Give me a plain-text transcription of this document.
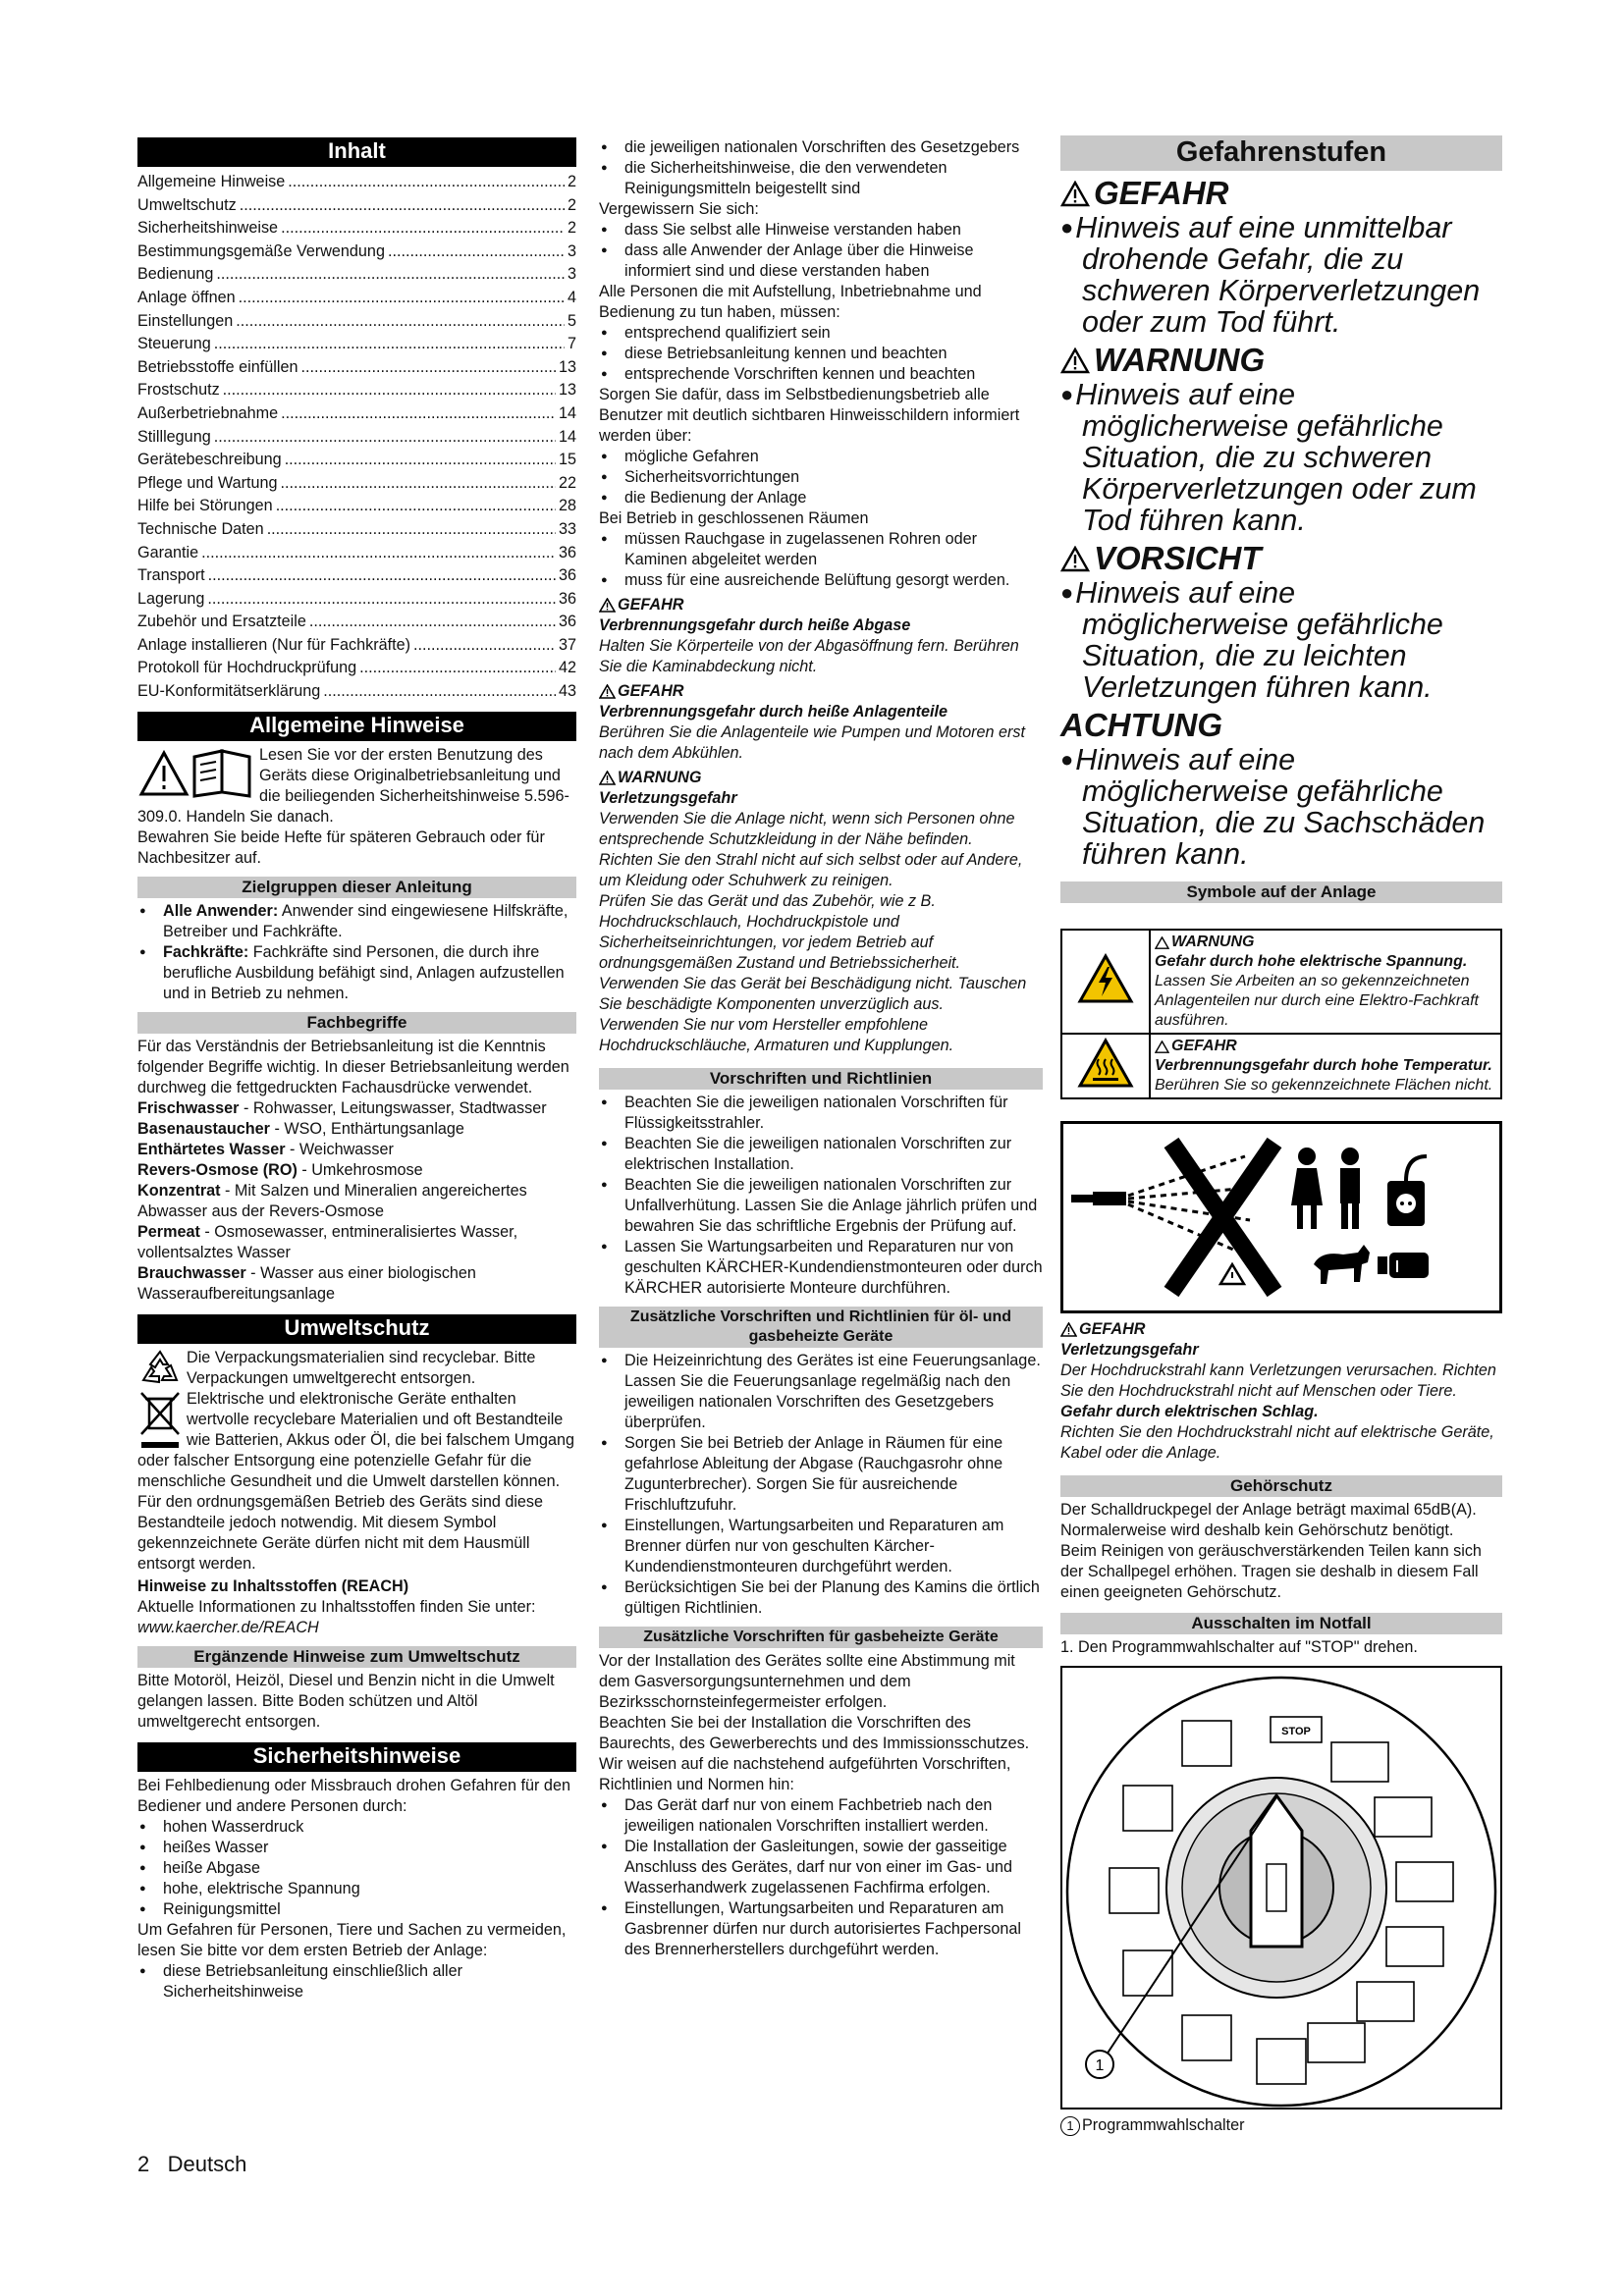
Inhalt
Allgemeine Hinweise .....	2
Umweltschutz .....	2
Sicherheitshinweise .....	2
Bestimmungsgemäße Verwendung .....	3
Bedienung .....	3
Anlage öffnen .....	4
Einstellungen .....	5
Steuerung .....	7
Betriebsstoffe einfüllen .....	13
Frostschutz .....	13
Außerbetriebnahme .....	14
Stilllegung .....	14
Gerätebeschreibung .....	15
Pflege und Wartung .....	22
Hilfe bei Störungen .....	28
Technische Daten .....	33
Garantie .....	36
Transport .....	36
Lagerung .....	36
Zubehör und Ersatzteile .....	36
Anlage installieren (Nur für Fachkräfte) .....	37
Protokoll für Hochdruckprüfung .....	42
EU-Konformitätserklärung .....	43
Allgemeine Hinweise

Lesen Sie vor der ersten Benutzung des Geräts diese Originalbetriebsanleitung und die beiliegenden Sicherheitshinweise 5.596-309.0. Handeln Sie danach.

Bewahren Sie beide Hefte für späteren Gebrauch oder für Nachbesitzer auf.

Zielgruppen dieser Anleitung
● Alle Anwender: Anwender sind eingewiesene Hilfskräfte, Betreiber und Fachkräfte.
● Fachkräfte: Fachkräfte sind Personen, die durch ihre berufliche Ausbildung befähigt sind, Anlagen aufzustellen und in Betrieb zu nehmen.
Fachbegriffe

Für das Verständnis der Betriebsanleitung ist die Kenntnis folgender Begriffe wichtig. In dieser Betriebsanleitung werden durchweg die fettgedruckten Fachausdrücke verwendet.

Frischwasser - Rohwasser, Leitungswasser, Stadtwasser

Basenaustaucher - WSO, Enthärtungsanlage

Enthärtetes Wasser - Weichwasser

Revers-Osmose (RO) - Umkehrosmose

Konzentrat - Mit Salzen und Mineralien angereichertes Abwasser aus der Revers-Osmose

Permeat - Osmosewasser, entmineralisiertes Wasser, vollentsalztes Wasser

Brauchwasser - Wasser aus einer biologischen Wasseraufbereitungsanlage

Umweltschutz

Die Verpackungsmaterialien sind recyclebar. Bitte Verpackungen umweltgerecht entsorgen.

Elektrische und elektronische Geräte enthalten wertvolle recyclebare Materialien und oft Bestandteile wie Batterien, Akkus oder Öl, die bei falschem Umgang oder falscher Entsorgung eine potenzielle Gefahr für die menschliche Gesundheit und die Umwelt darstellen können. Für den ordnungsgemäßen Betrieb des Geräts sind diese Bestandteile jedoch notwendig. Mit diesem Symbol gekennzeichnete Geräte dürfen nicht mit dem Hausmüll entsorgt werden.

Hinweise zu Inhaltsstoffen (REACH)

Aktuelle Informationen zu Inhaltsstoffen finden Sie unter: www.kaercher.de/REACH

Ergänzende Hinweise zum Umweltschutz

Bitte Motoröl, Heizöl, Diesel und Benzin nicht in die Umwelt gelangen lassen. Bitte Boden schützen und Altöl umweltgerecht entsorgen.

Sicherheitshinweise

Bei Fehlbedienung oder Missbrauch drohen Gefahren für den Bediener und andere Personen durch:

● hohen Wasserdruck
● heißes Wasser
● heiße Abgase
● hohe, elektrische Spannung
● Reinigungsmittel

Um Gefahren für Personen, Tiere und Sachen zu vermeiden, lesen Sie bitte vor dem ersten Betrieb der Anlage:

● diese Betriebsanleitung einschließlich aller Sicherheitshinweise
● die jeweiligen nationalen Vorschriften des Gesetzgebers
● die Sicherheitshinweise, die den verwendeten Reinigungsmitteln beigestellt sind

Vergewissern Sie sich:

● dass Sie selbst alle Hinweise verstanden haben
● dass alle Anwender der Anlage über die Hinweise informiert sind und diese verstanden haben

Alle Personen die mit Aufstellung, Inbetriebnahme und Bedienung zu tun haben, müssen:

● entsprechend qualifiziert sein
● diese Betriebsanleitung kennen und beachten
● entsprechende Vorschriften kennen und beachten

Sorgen Sie dafür, dass im Selbstbedienungsbetrieb alle Benutzer mit deutlich sichtbaren Hinweisschildern informiert werden über:

● mögliche Gefahren
● Sicherheitsvorrichtungen
● die Bedienung der Anlage

Bei Betrieb in geschlossenen Räumen

● müssen Rauchgase in zugelassenen Rohren oder Kaminen abgeleitet werden
● muss für eine ausreichende Belüftung gesorgt werden.
GEFAHR

Verbrennungsgefahr durch heiße Abgase

Halten Sie Körperteile von der Abgasöffnung fern. Berühren Sie die Kaminabdeckung nicht.

GEFAHR

Verbrennungsgefahr durch heiße Anlagenteile

Berühren Sie die Anlagenteile wie Pumpen und Motoren erst nach dem Abkühlen.

WARNUNG

Verletzungsgefahr

Verwenden Sie die Anlage nicht, wenn sich Personen ohne entsprechende Schutzkleidung in der Nähe befinden.

Richten Sie den Strahl nicht auf sich selbst oder auf Andere, um Kleidung oder Schuhwerk zu reinigen.

Prüfen Sie das Gerät und das Zubehör, wie z B. Hochdruckschlauch, Hochdruckpistole und Sicherheitseinrichtungen, vor jedem Betrieb auf ordnungsgemäßen Zustand und Betriebssicherheit. Verwenden Sie das Gerät bei Beschädigung nicht. Tauschen Sie beschädigte Komponenten unverzüglich aus.

Verwenden Sie nur vom Hersteller empfohlene Hochdruckschläuche, Armaturen und Kupplungen.

Vorschriften und Richtlinien
● Beachten Sie die jeweiligen nationalen Vorschriften für Flüssigkeitsstrahler.
● Beachten Sie die jeweiligen nationalen Vorschriften zur elektrischen Installation.
● Beachten Sie die jeweiligen nationalen Vorschriften zur Unfallverhütung. Lassen Sie die Anlage jährlich prüfen und bewahren Sie das schriftliche Ergebnis der Prüfung auf.
● Lassen Sie Wartungsarbeiten und Reparaturen nur von geschulten KÄRCHER-Kundendienstmonteuren oder durch KÄRCHER autorisierte Monteure durchführen.
Zusätzliche Vorschriften und Richtlinien für öl- und gasbeheizte Geräte
● Die Heizeinrichtung des Gerätes ist eine Feuerungsanlage. Lassen Sie die Feuerungsanlage regelmäßig nach den jeweiligen nationalen Vorschriften des Gesetzgebers überprüfen.
● Sorgen Sie bei Betrieb der Anlage in Räumen für eine gefahrlose Ableitung der Abgase (Rauchgasrohr ohne Zugunterbrecher). Sorgen Sie für ausreichende Frischluftzufuhr.
● Einstellungen, Wartungsarbeiten und Reparaturen am Brenner dürfen nur von geschulten Kärcher-Kundendienstmonteuren durchgeführt werden.
● Berücksichtigen Sie bei der Planung des Kamins die örtlich gültigen Richtlinien.
Zusätzliche Vorschriften für gasbeheizte Geräte

Vor der Installation des Gerätes sollte eine Abstimmung mit dem Gasversorgungsunternehmen und dem Bezirksschornsteinfegermeister erfolgen.

Beachten Sie bei der Installation die Vorschriften des Baurechts, des Gewerberechts und des Immissionsschutzes. Wir weisen auf die nachstehend aufgeführten Vorschriften, Richtlinien und Normen hin:

● Das Gerät darf nur von einem Fachbetrieb nach den jeweiligen nationalen Vorschriften installiert werden.
● Die Installation der Gasleitungen, sowie der gasseitige Anschluss des Gerätes, darf nur von einer im Gas- und Wasserhandwerk zugelassenen Fachfirma erfolgen.
● Einstellungen, Wartungsarbeiten und Reparaturen am Gasbrenner dürfen nur durch autorisiertes Fachpersonal des Brennerherstellers durchgeführt werden.
Gefahrenstufen
GEFAHR

●Hinweis auf eine unmittelbar drohende Gefahr, die zu schweren Körperverletzungen oder zum Tod führt.

WARNUNG

●Hinweis auf eine möglicherweise gefährliche Situation, die zu schweren Körperverletzungen oder zum Tod führen kann.

VORSICHT

●Hinweis auf eine möglicherweise gefährliche Situation, die zu leichten Verletzungen führen kann.

ACHTUNG

●Hinweis auf eine möglicherweise gefährliche Situation, die zu Sachschäden führen kann.

Symbole auf der Anlage

WARNUNG

Gefahr durch hohe elektrische Spannung.

Lassen Sie Arbeiten an so gekennzeichneten Anlagenteilen nur durch eine Elektro-Fachkraft ausführen.

GEFAHR

Verbrennungsgefahr durch hohe Temperatur.

Berühren Sie so gekennzeichnete Flächen nicht.

GEFAHR

Verletzungsgefahr

Der Hochdruckstrahl kann Verletzungen verursachen. Richten Sie den Hochdruckstrahl nicht auf Menschen oder Tiere.

Gefahr durch elektrischen Schlag.

Richten Sie den Hochdruckstrahl nicht auf elektrische Geräte, Kabel oder die Anlage.

Gehörschutz

Der Schalldruckpegel der Anlage beträgt maximal 65dB(A). Normalerweise wird deshalb kein Gehörschutz benötigt.

Beim Reinigen von geräuschverstärkenden Teilen kann sich der Schallpegel erhöhen. Tragen sie deshalb in diesem Fall einen geeigneten Gehörschutz.

Ausschalten im Notfall

1. Den Programmwahlschalter auf "STOP" drehen.

STOP
1
1 Programmwahlschalter
2 Deutsch
